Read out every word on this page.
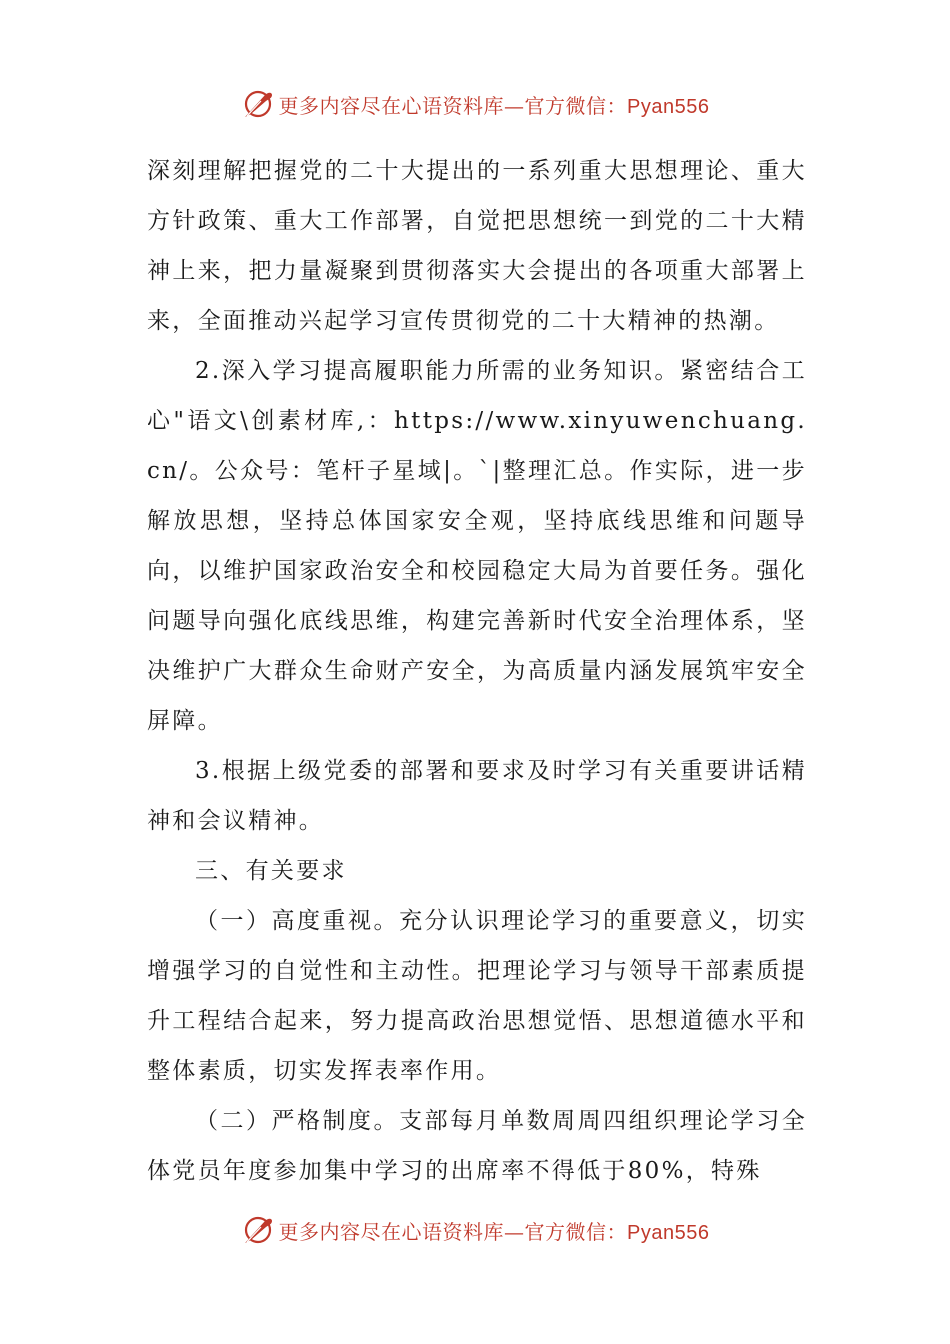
更多内容尽在心语资料库—官方微信：Pyan556

深刻理解把握党的二十大提出的一系列重大思想理论、重大方针政策、重大工作部署，自觉把思想统一到党的二十大精神上来，把力量凝聚到贯彻落实大会提出的各项重大部署上来，全面推动兴起学习宣传贯彻党的二十大精神的热潮。

2.深入学习提高履职能力所需的业务知识。紧密结合工心"语文\创素材库,：https://www.xinyuwenchuang.cn/。公众号：笔杆子星域|。`|整理汇总。作实际，进一步解放思想，坚持总体国家安全观，坚持底线思维和问题导向，以维护国家政治安全和校园稳定大局为首要任务。强化问题导向强化底线思维，构建完善新时代安全治理体系，坚决维护广大群众生命财产安全，为高质量内涵发展筑牢安全屏障。

3.根据上级党委的部署和要求及时学习有关重要讲话精神和会议精神。

三、有关要求

（一）高度重视。充分认识理论学习的重要意义，切实增强学习的自觉性和主动性。把理论学习与领导干部素质提升工程结合起来，努力提高政治思想觉悟、思想道德水平和整体素质，切实发挥表率作用。

（二）严格制度。支部每月单数周周四组织理论学习全体党员年度参加集中学习的出席率不得低于80%，特殊

更多内容尽在心语资料库—官方微信：Pyan556
